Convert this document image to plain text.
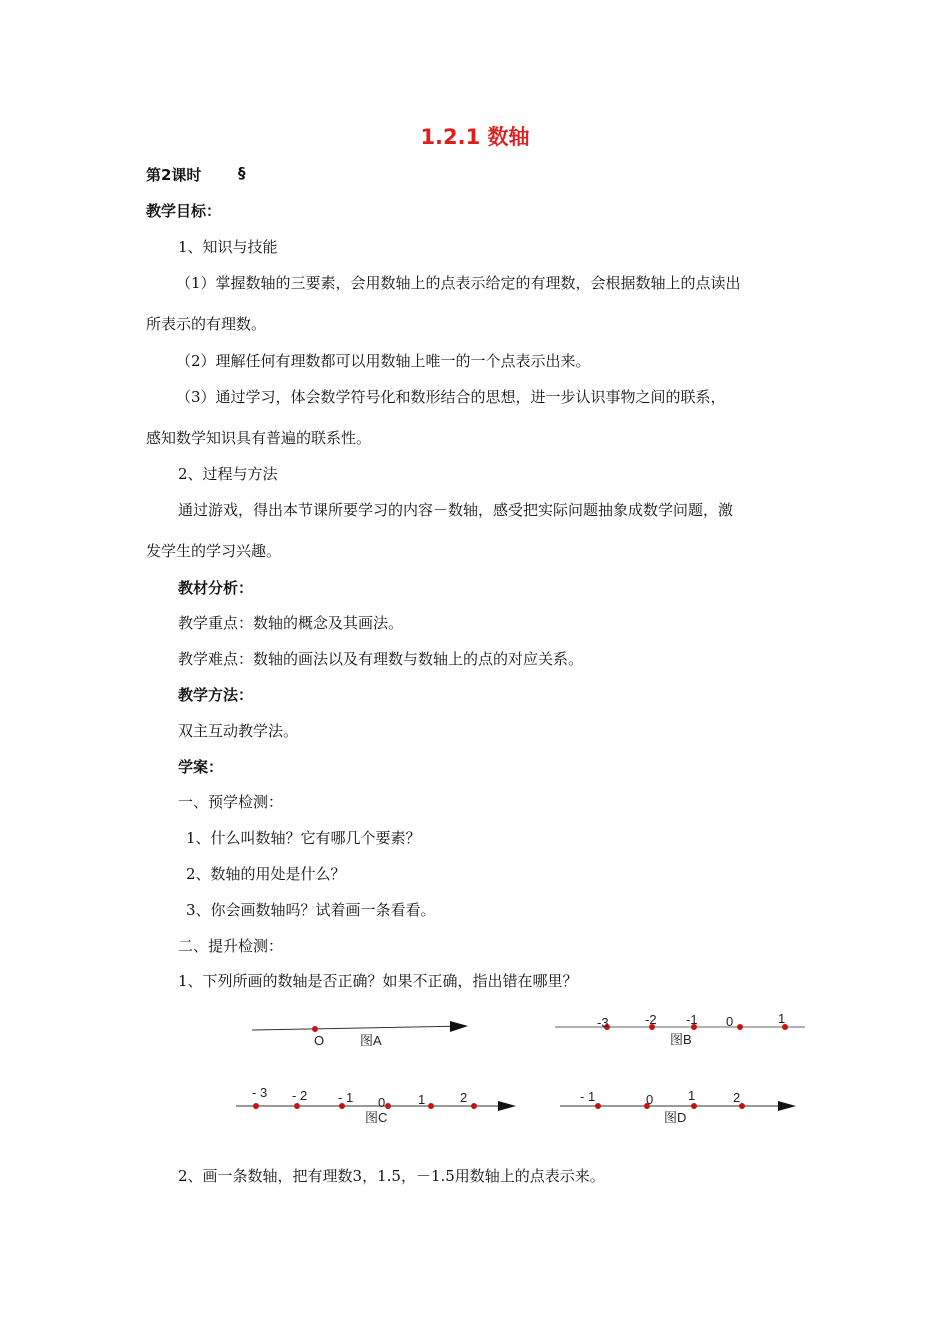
1.2.1 数轴
第2课时 §
教学目标：
1、知识与技能
（1）掌握数轴的三要素，会用数轴上的点表示给定的有理数，会根据数轴上的点读出
所表示的有理数。
（2）理解任何有理数都可以用数轴上唯一的一个点表示出来。
（3）通过学习，体会数学符号化和数形结合的思想，进一步认识事物之间的联系，
感知数学知识具有普遍的联系性。
2、过程与方法
通过游戏，得出本节课所要学习的内容－数轴，感受把实际问题抽象成数学问题，激
发学生的学习兴趣。
教材分析：
教学重点：数轴的概念及其画法。
教学难点：数轴的画法以及有理数与数轴上的点的对应关系。
教学方法：
双主互动教学法。
学案：
一、预学检测：
1、什么叫数轴？它有哪几个要素？
2、数轴的用处是什么？
3、你会画数轴吗？试着画一条看看。
二、提升检测：
1、下列所画的数轴是否正确？如果不正确，指出错在哪里？
O	图A
-3	-2 -1 0	1
图B
- 3 - 2 - 1 0	1	2
图C
- 1	0	1	2
图D
2、画一条数轴，把有理数3，1.5，－1.5用数轴上的点表示来。
